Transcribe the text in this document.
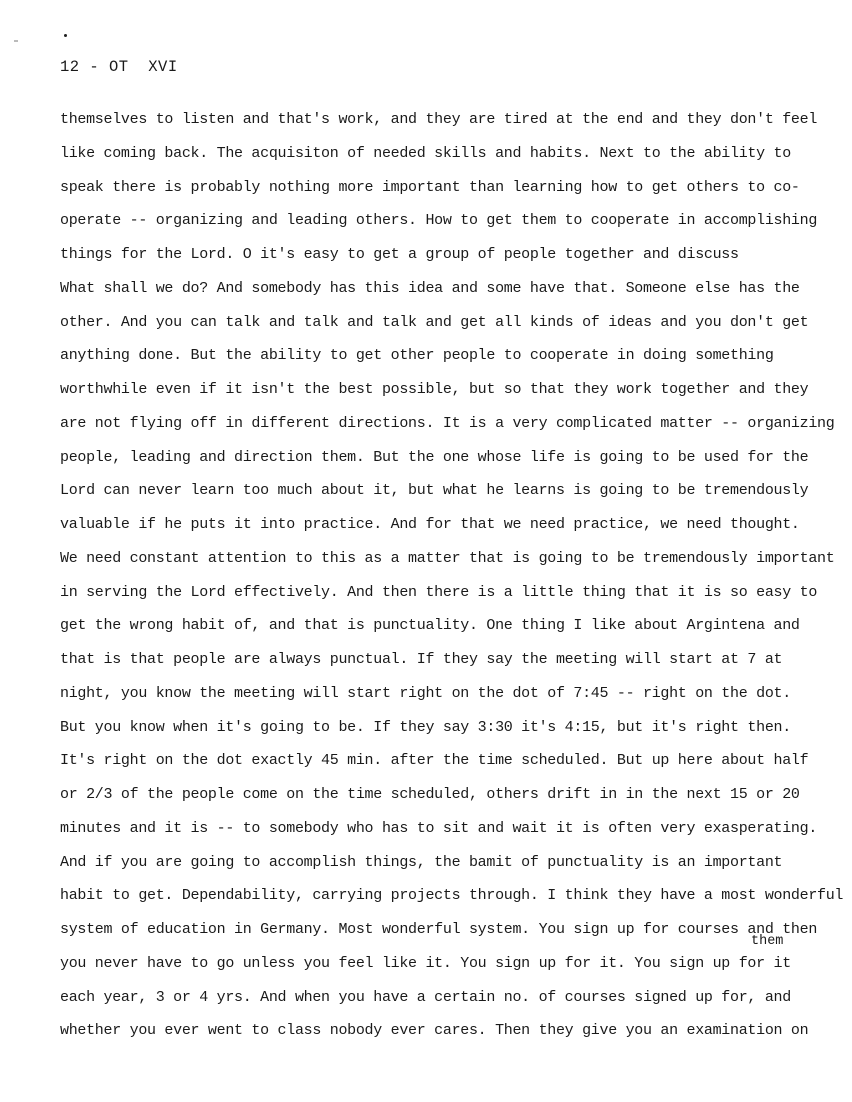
12 - OT  XVI
them
themselves to listen and that's work, and they are tired at the end and they don't feel
like coming back. The acquisiton of needed skills and habits. Next to the ability to
speak there is probably nothing more important than learning how to get others to co-
operate -- organizing and leading others. How to get them to cooperate in accomplishing
things for the Lord. O it's easy to get a group of people together and discuss
What shall we do? And somebody has this idea and some have that. Someone else has the
other. And you can talk and talk and talk and get all kinds of ideas and you don't get
anything done. But the ability to get other people to cooperate in doing something
worthwhile even if it isn't the best possible, but so that they work together and they
are not flying off in different directions. It is a very complicated matter -- organizing
people, leading and direction them. But the one whose life is going to be used for the
Lord can never learn too much about it, but what he learns is going to be tremendously
valuable if he puts it into practice. And for that we need practice, we need thought.
We need constant attention to this as a matter that is going to be tremendously important
in serving the Lord effectively. And then there is a little thing that it is so easy to
get the wrong habit of, and that is punctuality. One thing I like about Argintena and
that is that people are always punctual. If they say the meeting will start at 7 at
night, you know the meeting will start right on the dot of 7:45 -- right on the dot.
But you know when it's going to be. If they say 3:30 it's 4:15, but it's right then.
It's right on the dot exactly 45 min. after the time scheduled. But up here about half
or 2/3 of the people come on the time scheduled, others drift in in the next 15 or 20
minutes and it is -- to somebody who has to sit and wait it is often very exasperating.
And if you are going to accomplish things, the bamit of punctuality is an important
habit to get. Dependability, carrying projects through. I think they have a most wonderful
system of education in Germany. Most wonderful system. You sign up for courses and then
you never have to go unless you feel like it. You sign up for it. You sign up for it
each year, 3 or 4 yrs. And when you have a certain no. of courses signed up for, and
whether you ever went to class nobody ever cares. Then they give you an examination on
